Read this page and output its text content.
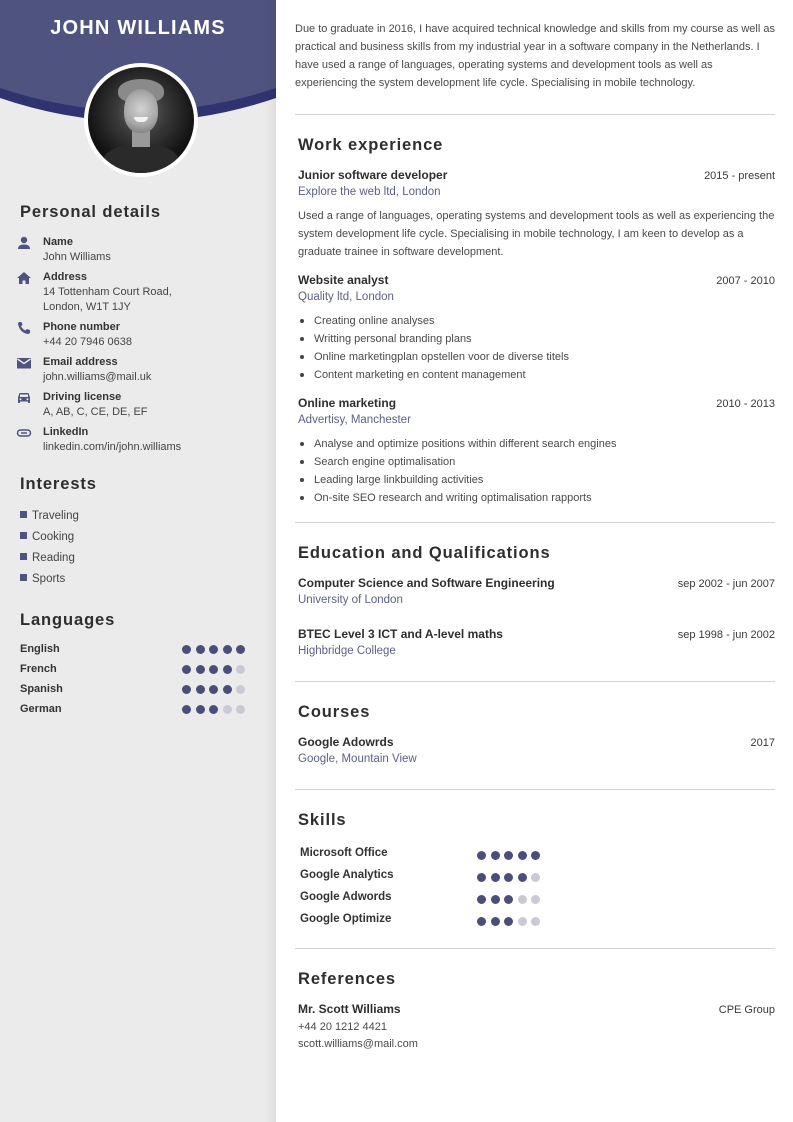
JOHN WILLIAMS
Personal details
Name
John Williams
Address
14 Tottenham Court Road,
London, W1T 1JY
Phone number
+44 20 7946 0638
Email address
john.williams@mail.uk
Driving license
A, AB, C, CE, DE, EF
LinkedIn
linkedin.com/in/john.williams
Interests
Traveling
Cooking
Reading
Sports
Languages
English
French
Spanish
German

Due to graduate in 2016, I have acquired technical knowledge and skills from my course as well as practical and business skills from my industrial year in a software company in the Netherlands. I have used a range of languages, operating systems and development tools as well as experiencing the system development life cycle. Specialising in mobile technology.

Work experience
Junior software developer	2015 - present
Explore the web ltd, London
Used a range of languages, operating systems and development tools as well as experiencing the system development life cycle. Specialising in mobile technology, I am keen to develop as a graduate trainee in software development.
Website analyst	2007 - 2010
Quality ltd, London
Creating online analyses
Writting personal branding plans
Online marketingplan opstellen voor de diverse titels
Content marketing en content management
Online marketing	2010 - 2013
Advertisy, Manchester
Analyse and optimize positions within different search engines
Search engine optimalisation
Leading large linkbuilding activities
On-site SEO research and writing optimalisation rapports
Education and Qualifications
Computer Science and Software Engineering	sep 2002 - jun 2007
University of London
BTEC Level 3 ICT and A-level maths	sep 1998 - jun 2002
Highbridge College
Courses
Google Adowrds	2017
Google, Mountain View
Skills
Microsoft Office
Google Analytics
Google Adwords
Google Optimize
References
Mr. Scott Williams	CPE Group
+44 20 1212 4421
scott.williams@mail.com
